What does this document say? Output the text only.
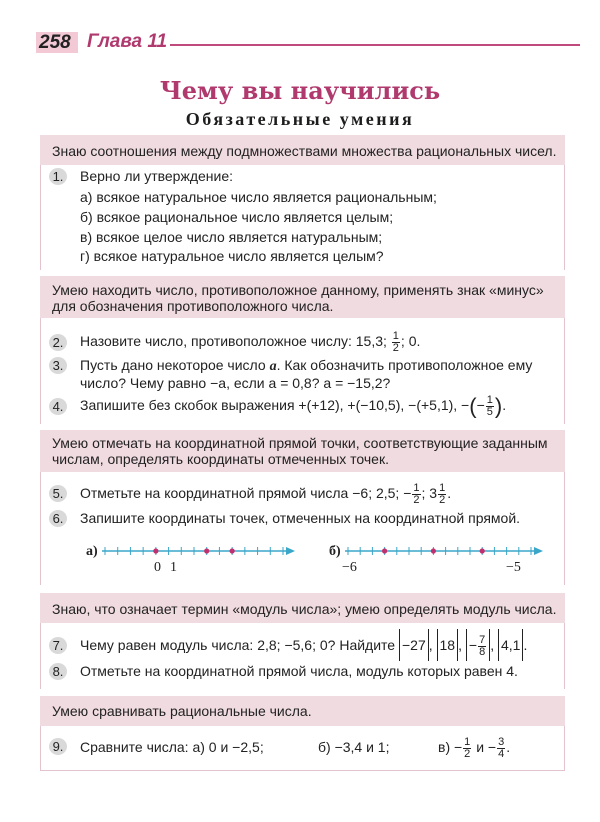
258 Глава 11
Чему вы научились
Обязательные умения
Знаю соотношения между подмножествами множества рациональных чисел.
1. Верно ли утверждение:
а) всякое натуральное число является рациональным;
б) всякое рациональное число является целым;
в) всякое целое число является натуральным;
г) всякое натуральное число является целым?
Умею находить число, противоположное данному, применять знак «минус»
для обозначения противоположного числа.
2. Назовите число, противоположное числу: 15,3; $\frac{1}{2}$ ; 0.
3. Пусть дано некоторое число a. Как обозначить противоположное ему
число? Чему равно −a, если a = 0,8? a = −15,2?
4. Запишите без скобок выражения +(+12), +(−10,5), −(+5,1), −(− $\frac{1}{5}$ ).
Умею отмечать на координатной прямой точки, соответствующие заданным
числам, определять координаты отмеченных точек.
5. Отметьте на координатной прямой числа −6; 2,5; − $\frac{1}{2}$ ; $3 \frac{1}{2}$ .
6. Запишите координаты точек, отмеченных на координатной прямой.
а)
0 1
б)
−6	−5
Знаю, что означает термин «модуль числа»; умею определять модуль числа.
7. Чему равен модуль числа: 2,8; −5,6; 0? Найдите −27 , 18 , − $\frac{7}{8}$ , 4,1 .
8. Отметьте на координатной прямой числа, модуль которых равен 4.
Умею сравнивать рациональные числа.
9. Сравните числа: а) 0 и −2,5;	б) −3,4 и 1;	$в) - \frac{1}{2}$ $и - \frac{3}{4}$ .
